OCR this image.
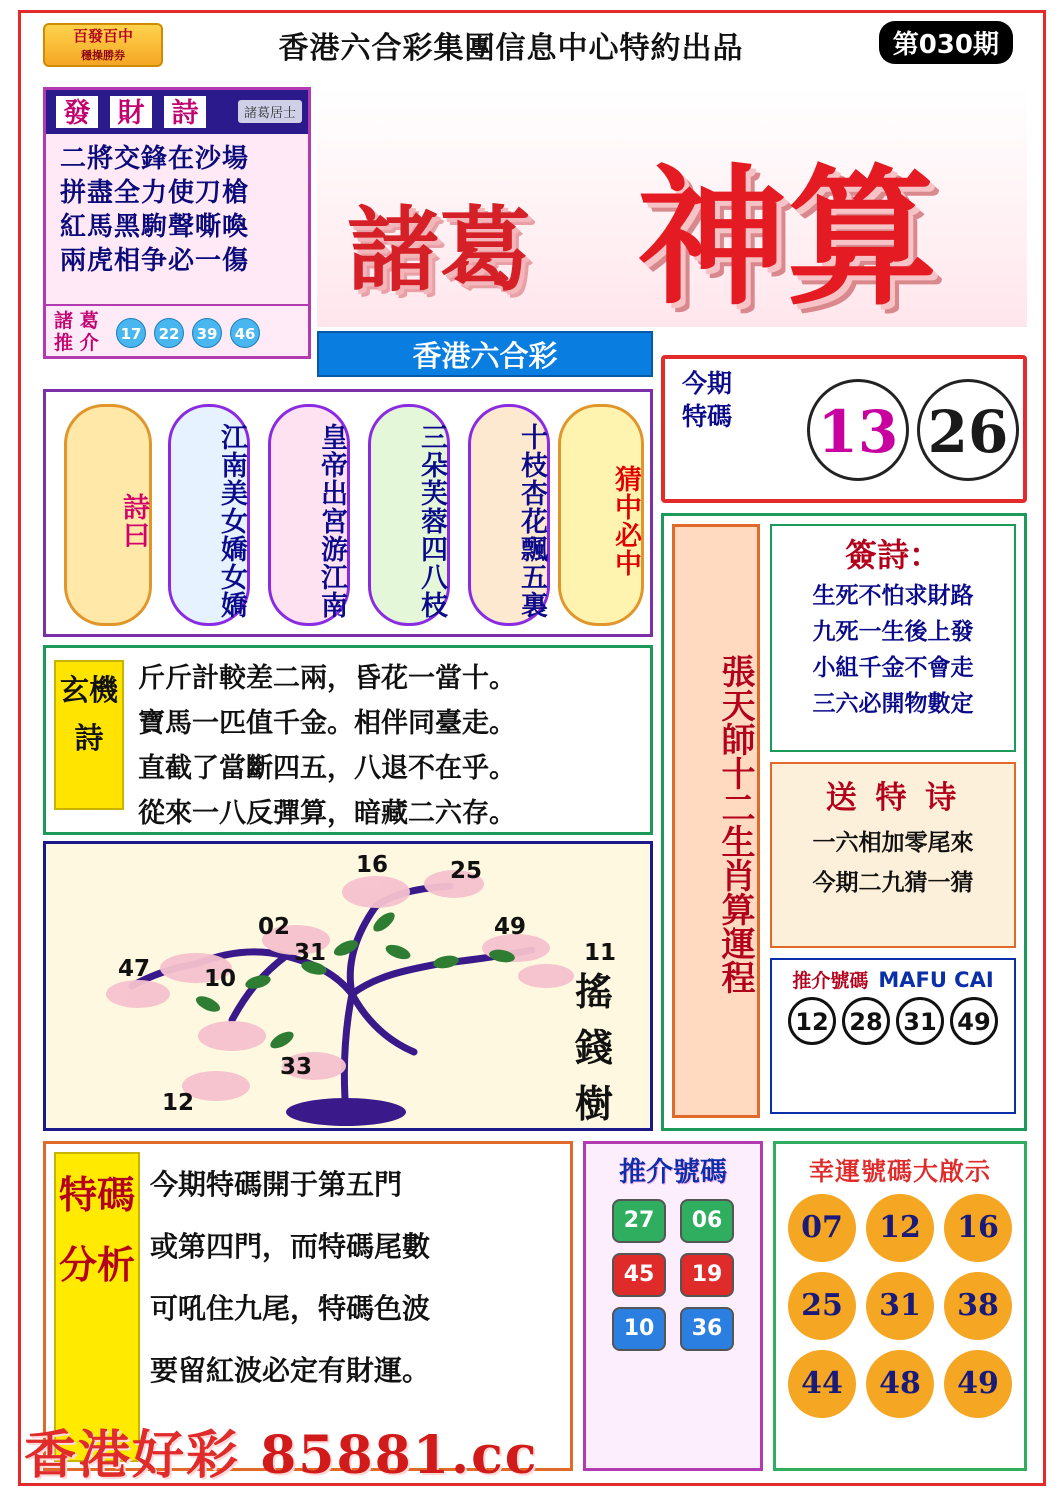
百發百中
穩操勝券	香港六合彩集團信息中心特約出品	第030期
發	財	詩	諸葛居士
二將交鋒在沙場
拼盡全力使刀槍
紅馬黑駒聲嘶喚
兩虎相争必一傷
諸 葛
推 介	17	22	39	46
諸葛 神算
香港六合彩
今期特碼 13 26
詩曰	江南美女嬌女嬌	皇帝出宮游江南	三朵芙蓉四八枝	十枝杏花飄五裏	猜中必中
玄機詩
斤斤計較差二兩，昏花一當十。
寶馬一匹值千金。相伴同臺走。
直截了當斷四五，八退不在乎。
從來一八反彈算，暗藏二六存。
16	25
02	49
31	11
47 10
33
12
搖錢樹
張天師十二生肖算運程
簽詩：
生死不怕求財路
九死一生後上發
小組千金不會走
三六必開物數定
送 特 诗
一六相加零尾來
今期二九猜一猜
推介號碼 MAFU CAI
12 28 31 49
特碼分析
今期特碼開于第五門
或第四門，而特碼尾數
可吼住九尾，特碼色波
要留紅波必定有財運。
推介號碼
27	06
45	19
10	36
幸運號碼大啟示
07	12	16
25	31	38
44	48	49
香港好彩 85881.cc
